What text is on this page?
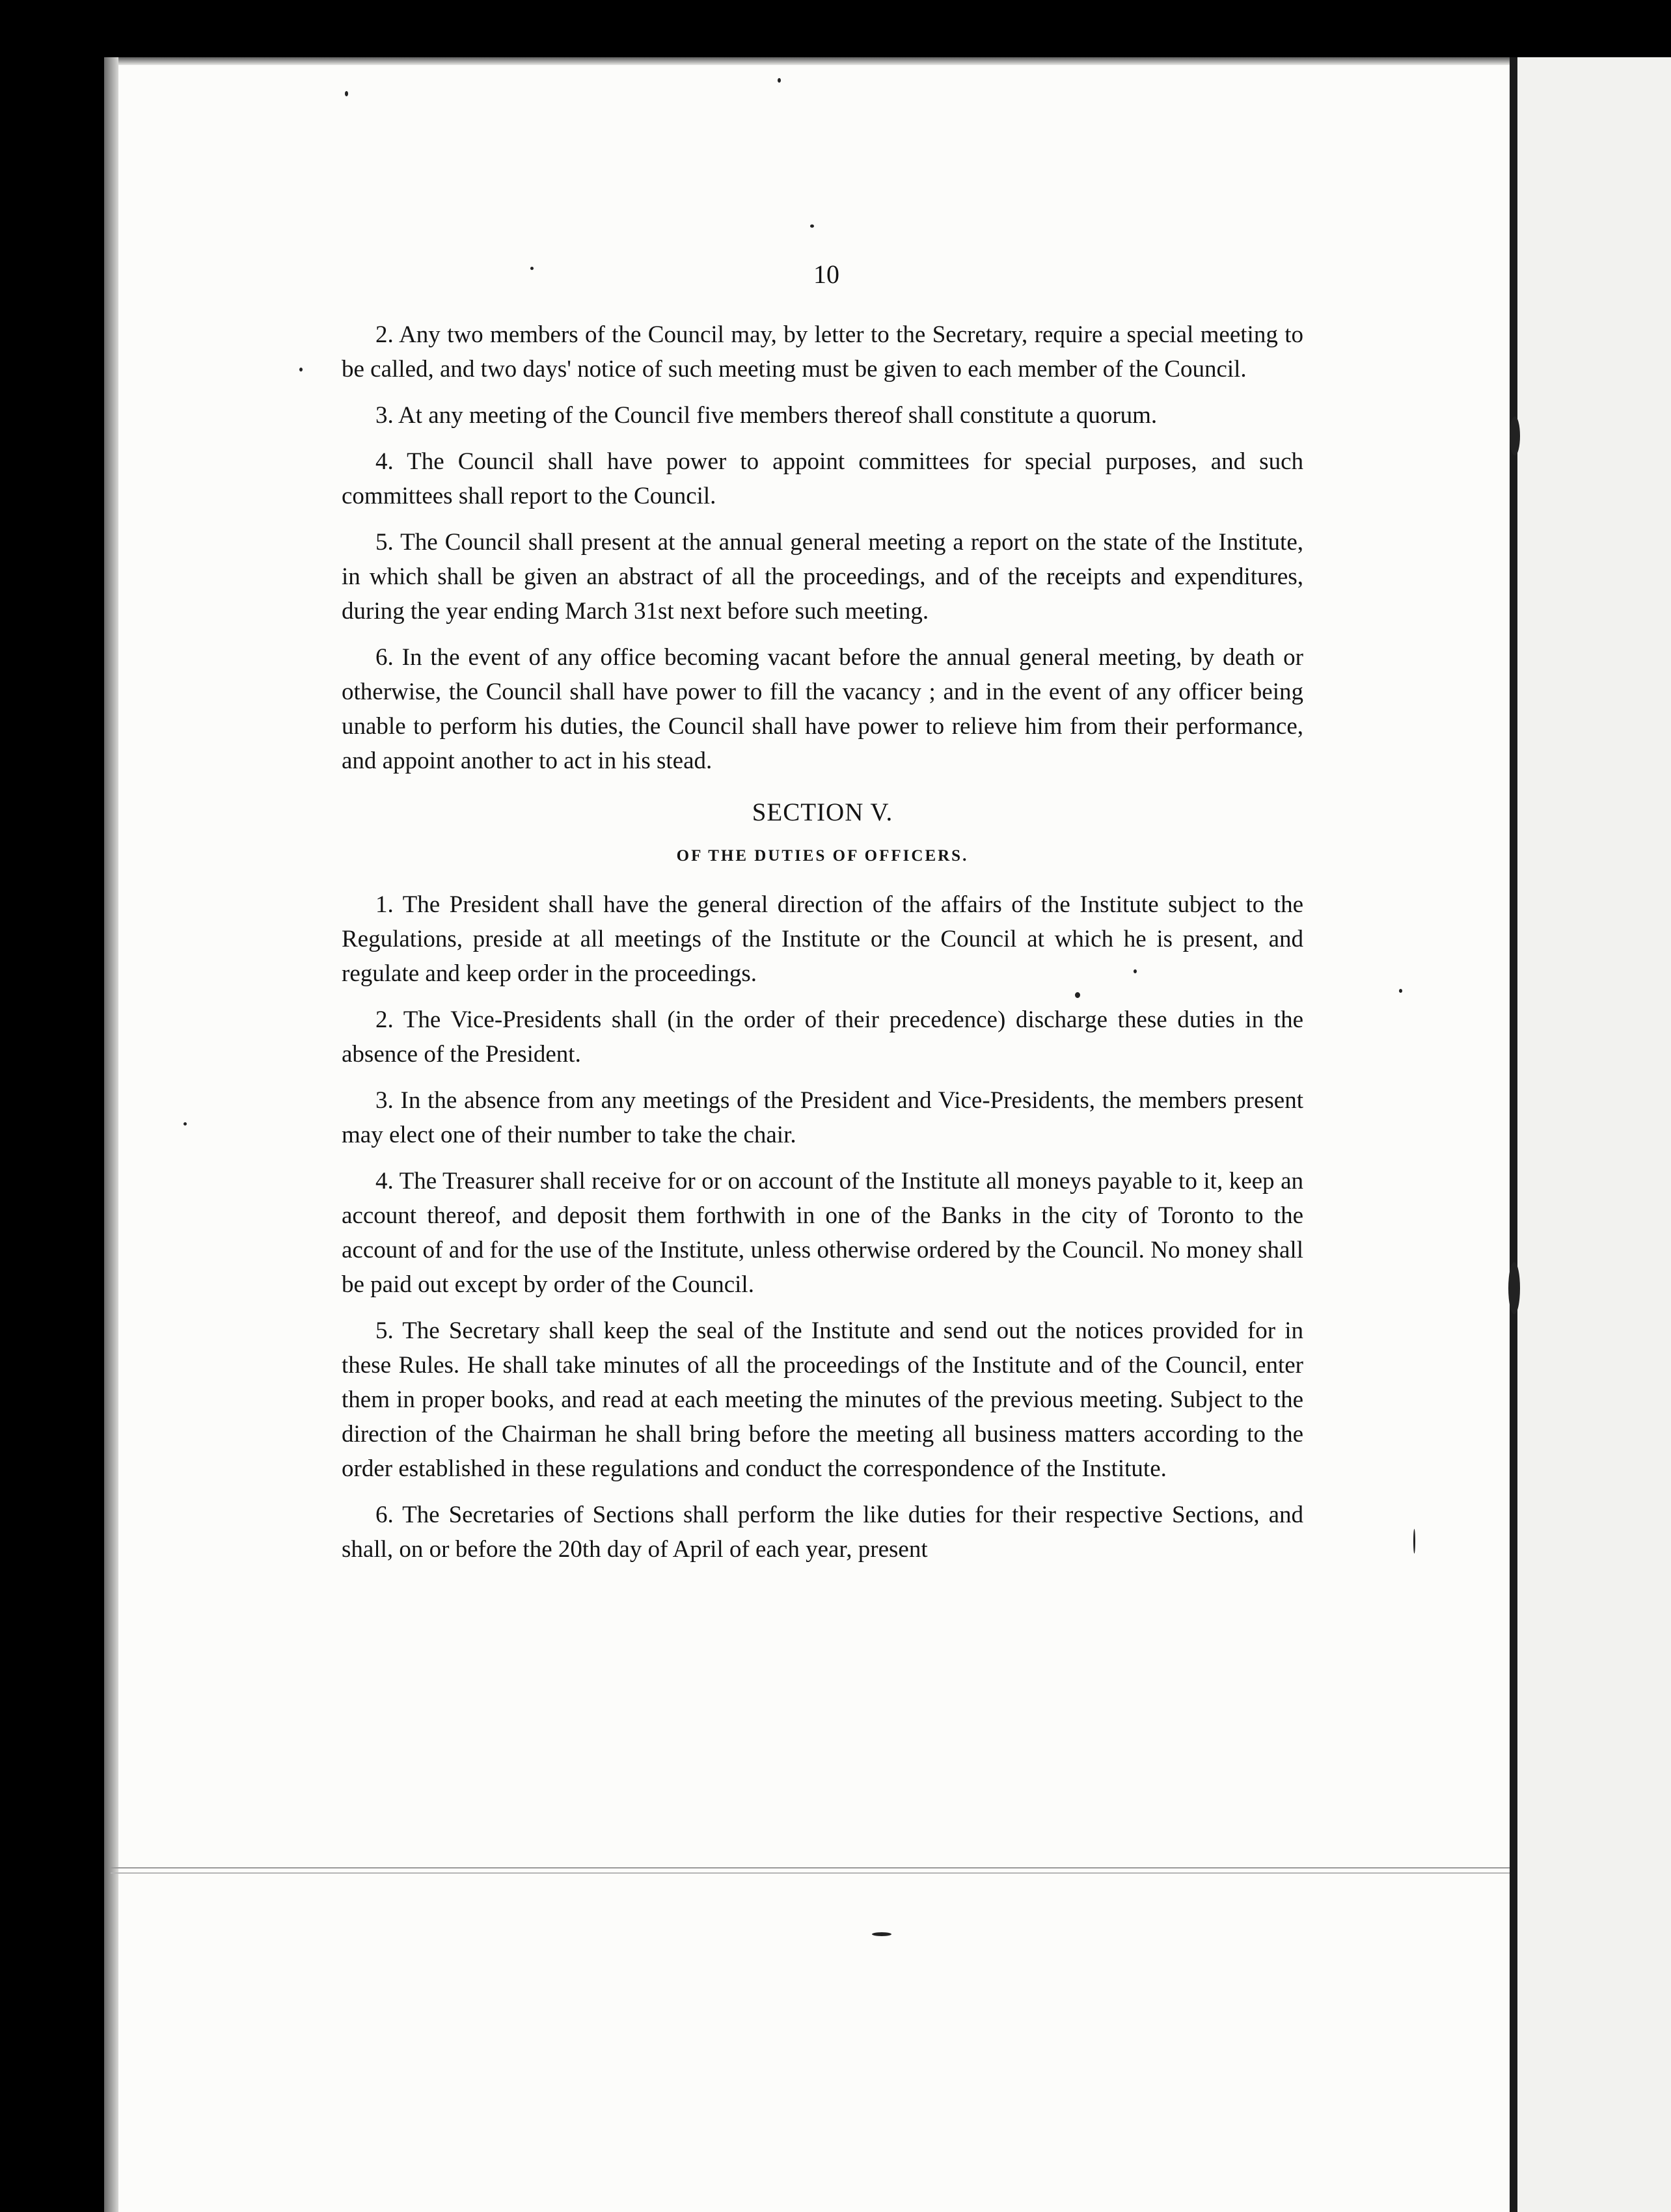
10

2. Any two members of the Council may, by letter to the Secretary, require a special meeting to be called, and two days' notice of such meeting must be given to each member of the Council.

3. At any meeting of the Council five members thereof shall constitute a quorum.

4. The Council shall have power to appoint committees for special purposes, and such committees shall report to the Council.

5. The Council shall present at the annual general meeting a report on the state of the Institute, in which shall be given an abstract of all the proceedings, and of the receipts and expenditures, during the year ending March 31st next before such meeting.

6. In the event of any office becoming vacant before the annual general meeting, by death or otherwise, the Council shall have power to fill the vacancy ; and in the event of any officer being unable to perform his duties, the Council shall have power to relieve him from their performance, and appoint another to act in his stead.

SECTION V.
OF THE DUTIES OF OFFICERS.

1. The President shall have the general direction of the affairs of the Institute subject to the Regulations, preside at all meetings of the Institute or the Council at which he is present, and regulate and keep order in the proceedings.

2. The Vice-Presidents shall (in the order of their precedence) discharge these duties in the absence of the President.

3. In the absence from any meetings of the President and Vice-Presidents, the members present may elect one of their number to take the chair.

4. The Treasurer shall receive for or on account of the Institute all moneys payable to it, keep an account thereof, and deposit them forthwith in one of the Banks in the city of Toronto to the account of and for the use of the Institute, unless otherwise ordered by the Council. No money shall be paid out except by order of the Council.

5. The Secretary shall keep the seal of the Institute and send out the notices provided for in these Rules. He shall take minutes of all the proceedings of the Institute and of the Council, enter them in proper books, and read at each meeting the minutes of the previous meeting. Subject to the direction of the Chairman he shall bring before the meeting all business matters according to the order established in these regulations and conduct the correspondence of the Institute.

6. The Secretaries of Sections shall perform the like duties for their respective Sections, and shall, on or before the 20th day of April of each year, present
